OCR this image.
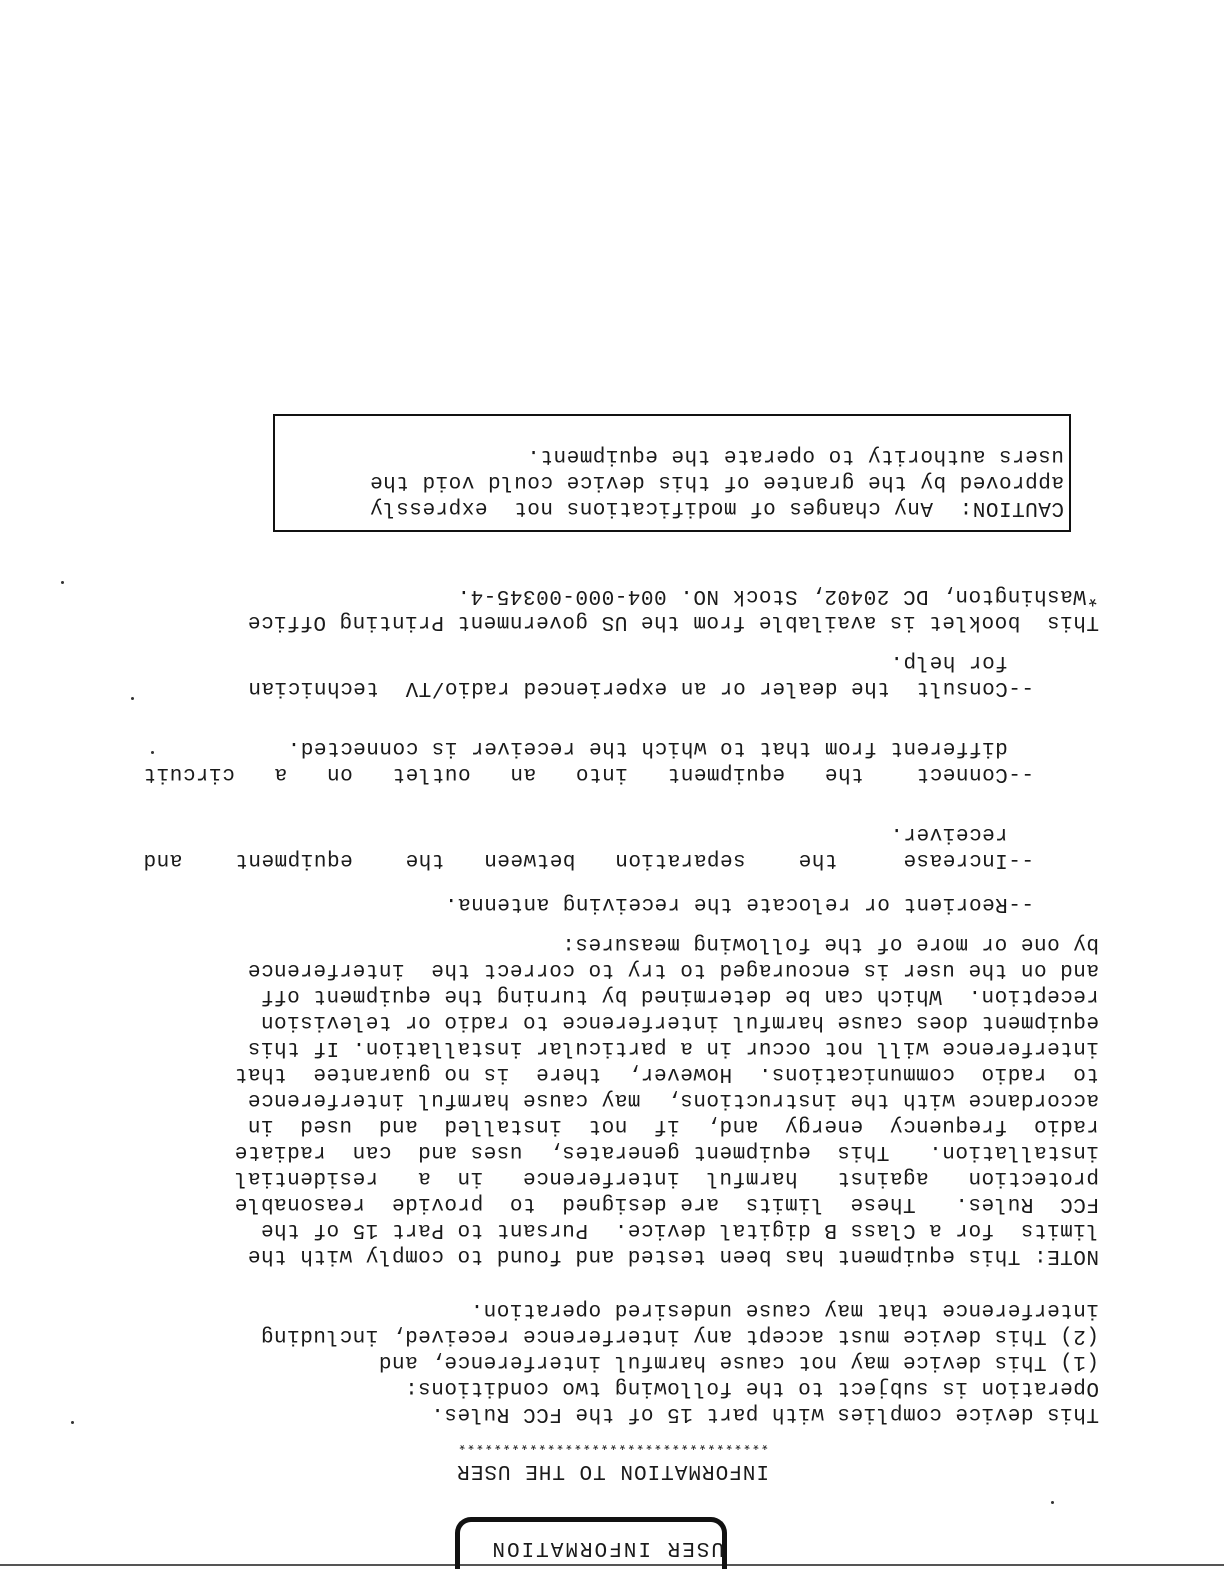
USER INFORMATION
INFORMATION TO THE USER
***********************************
This device complies with part 15 of the FCC Rules.
Operation is subject to the following two conditions:
(1) This device may not cause harmful interference, and
(2) This device must accept any interference received, including
interference that may cause undesired operation.
NOTE: This equipment has been tested and found to comply with the
limits  for a Class B digital device.  Pursant to Part 15 of the
FCC  Rules.   These  limits  are designed  to  provide  reasonable
protection   against   harmful  interference   in  a   residential
installation.   This  equipment generates,  uses and  can  radiate
radio  frequency  energy  and,  if  not  installed  and  used  in
accordance with the instructions,  may cause harmful interference
to  radio  communications.  However,  there  is no guarantee  that
interference will not occur in a particular installation. If this
equipment does cause harmful interference to radio or television
reception.  Which can be determined by turning the equipment off
and on the user is encouraged to try to correct the  interference
by one or more of the following measures:
--Reorient or relocate the receiving antenna.
--Increase     the    separation   between   the    equipment    and
receiver.
--Connect    the   equipment   into   an   outlet   on   a   circuit
different from that to which the receiver is connected.
--Consult  the dealer or an experienced radio/TV  technician
for help.
This  booklet is available from the US government Printing Office
*Washington, DC 20402, Stock NO. 004-000-00345-4.
CAUTION:  Any changes of modifications not  expressly
approved by the grantee of this device could void the
users authority to operate the equipment.
